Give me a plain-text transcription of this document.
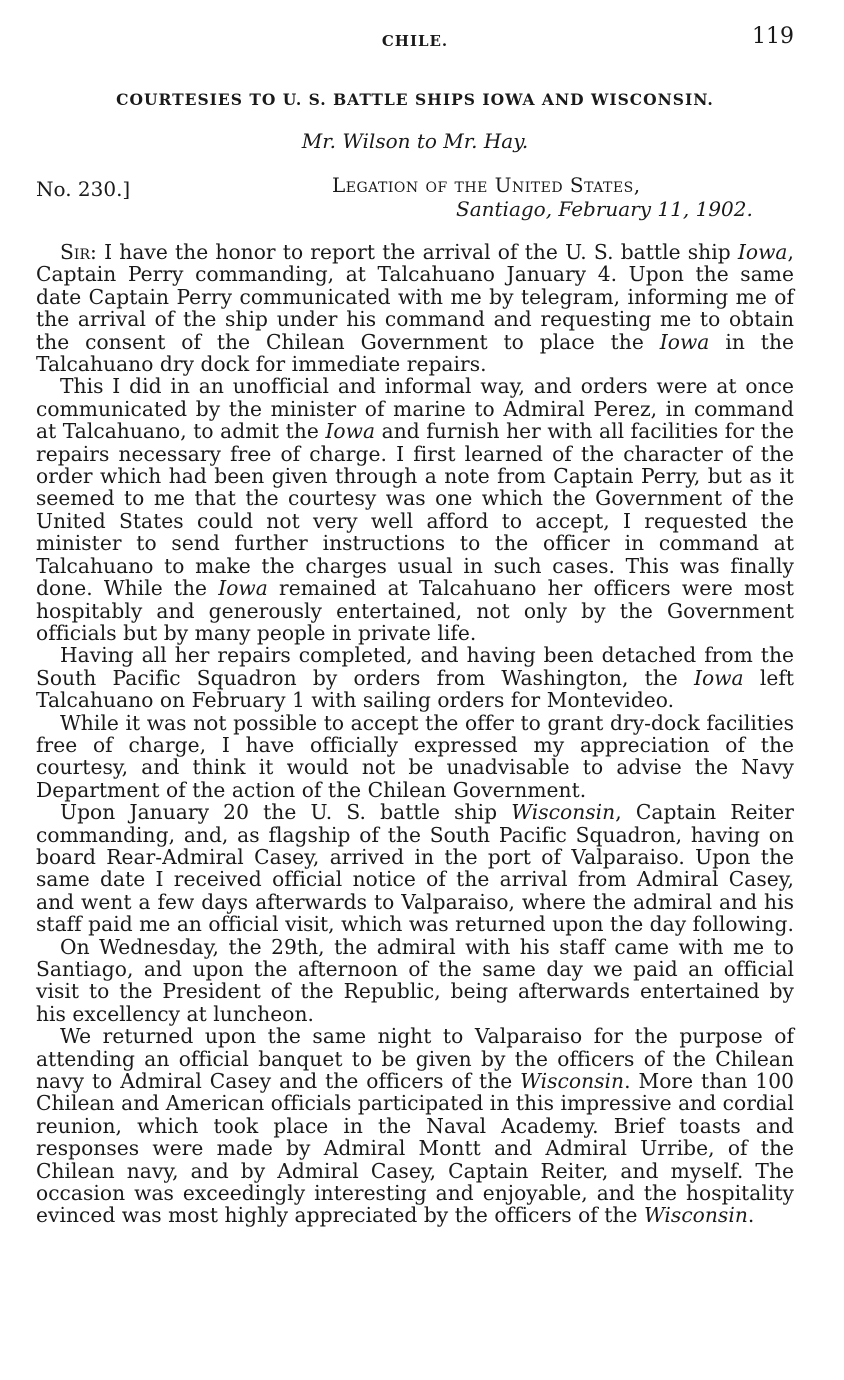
CHILE.	119
COURTESIES TO U. S. BATTLE SHIPS IOWA AND WISCONSIN.
Mr. Wilson to Mr. Hay.
No. 230.]	Legation of the United States,
Santiago, February 11, 1902.

Sir: I have the honor to report the arrival of the U. S. battle ship Iowa, Captain Perry commanding, at Talcahuano January 4. Upon the same date Captain Perry communicated with me by telegram, informing me of the arrival of the ship under his command and requesting me to obtain the consent of the Chilean Government to place the Iowa in the Talcahuano dry dock for immediate repairs.

This I did in an unofficial and informal way, and orders were at once communicated by the minister of marine to Admiral Perez, in command at Talcahuano, to admit the Iowa and furnish her with all facilities for the repairs necessary free of charge. I first learned of the character of the order which had been given through a note from Captain Perry, but as it seemed to me that the courtesy was one which the Government of the United States could not very well afford to accept, I requested the minister to send further instructions to the officer in command at Talcahuano to make the charges usual in such cases. This was finally done. While the Iowa remained at Talcahuano her officers were most hospitably and generously entertained, not only by the Government officials but by many people in private life.

Having all her repairs completed, and having been detached from the South Pacific Squadron by orders from Washington, the Iowa left Talcahuano on February 1 with sailing orders for Montevideo.

While it was not possible to accept the offer to grant dry-dock facilities free of charge, I have officially expressed my appreciation of the courtesy, and think it would not be unadvisable to advise the Navy Department of the action of the Chilean Government.

Upon January 20 the U. S. battle ship Wisconsin, Captain Reiter commanding, and, as flagship of the South Pacific Squadron, having on board Rear-Admiral Casey, arrived in the port of Valparaiso. Upon the same date I received official notice of the arrival from Admiral Casey, and went a few days afterwards to Valparaiso, where the admiral and his staff paid me an official visit, which was returned upon the day following.

On Wednesday, the 29th, the admiral with his staff came with me to Santiago, and upon the afternoon of the same day we paid an official visit to the President of the Republic, being afterwards entertained by his excellency at luncheon.

We returned upon the same night to Valparaiso for the purpose of attending an official banquet to be given by the officers of the Chilean navy to Admiral Casey and the officers of the Wisconsin. More than 100 Chilean and American officials participated in this impressive and cordial reunion, which took place in the Naval Academy. Brief toasts and responses were made by Admiral Montt and Admiral Urribe, of the Chilean navy, and by Admiral Casey, Captain Reiter, and myself. The occasion was exceedingly interesting and enjoyable, and the hospitality evinced was most highly appreciated by the officers of the Wisconsin.
